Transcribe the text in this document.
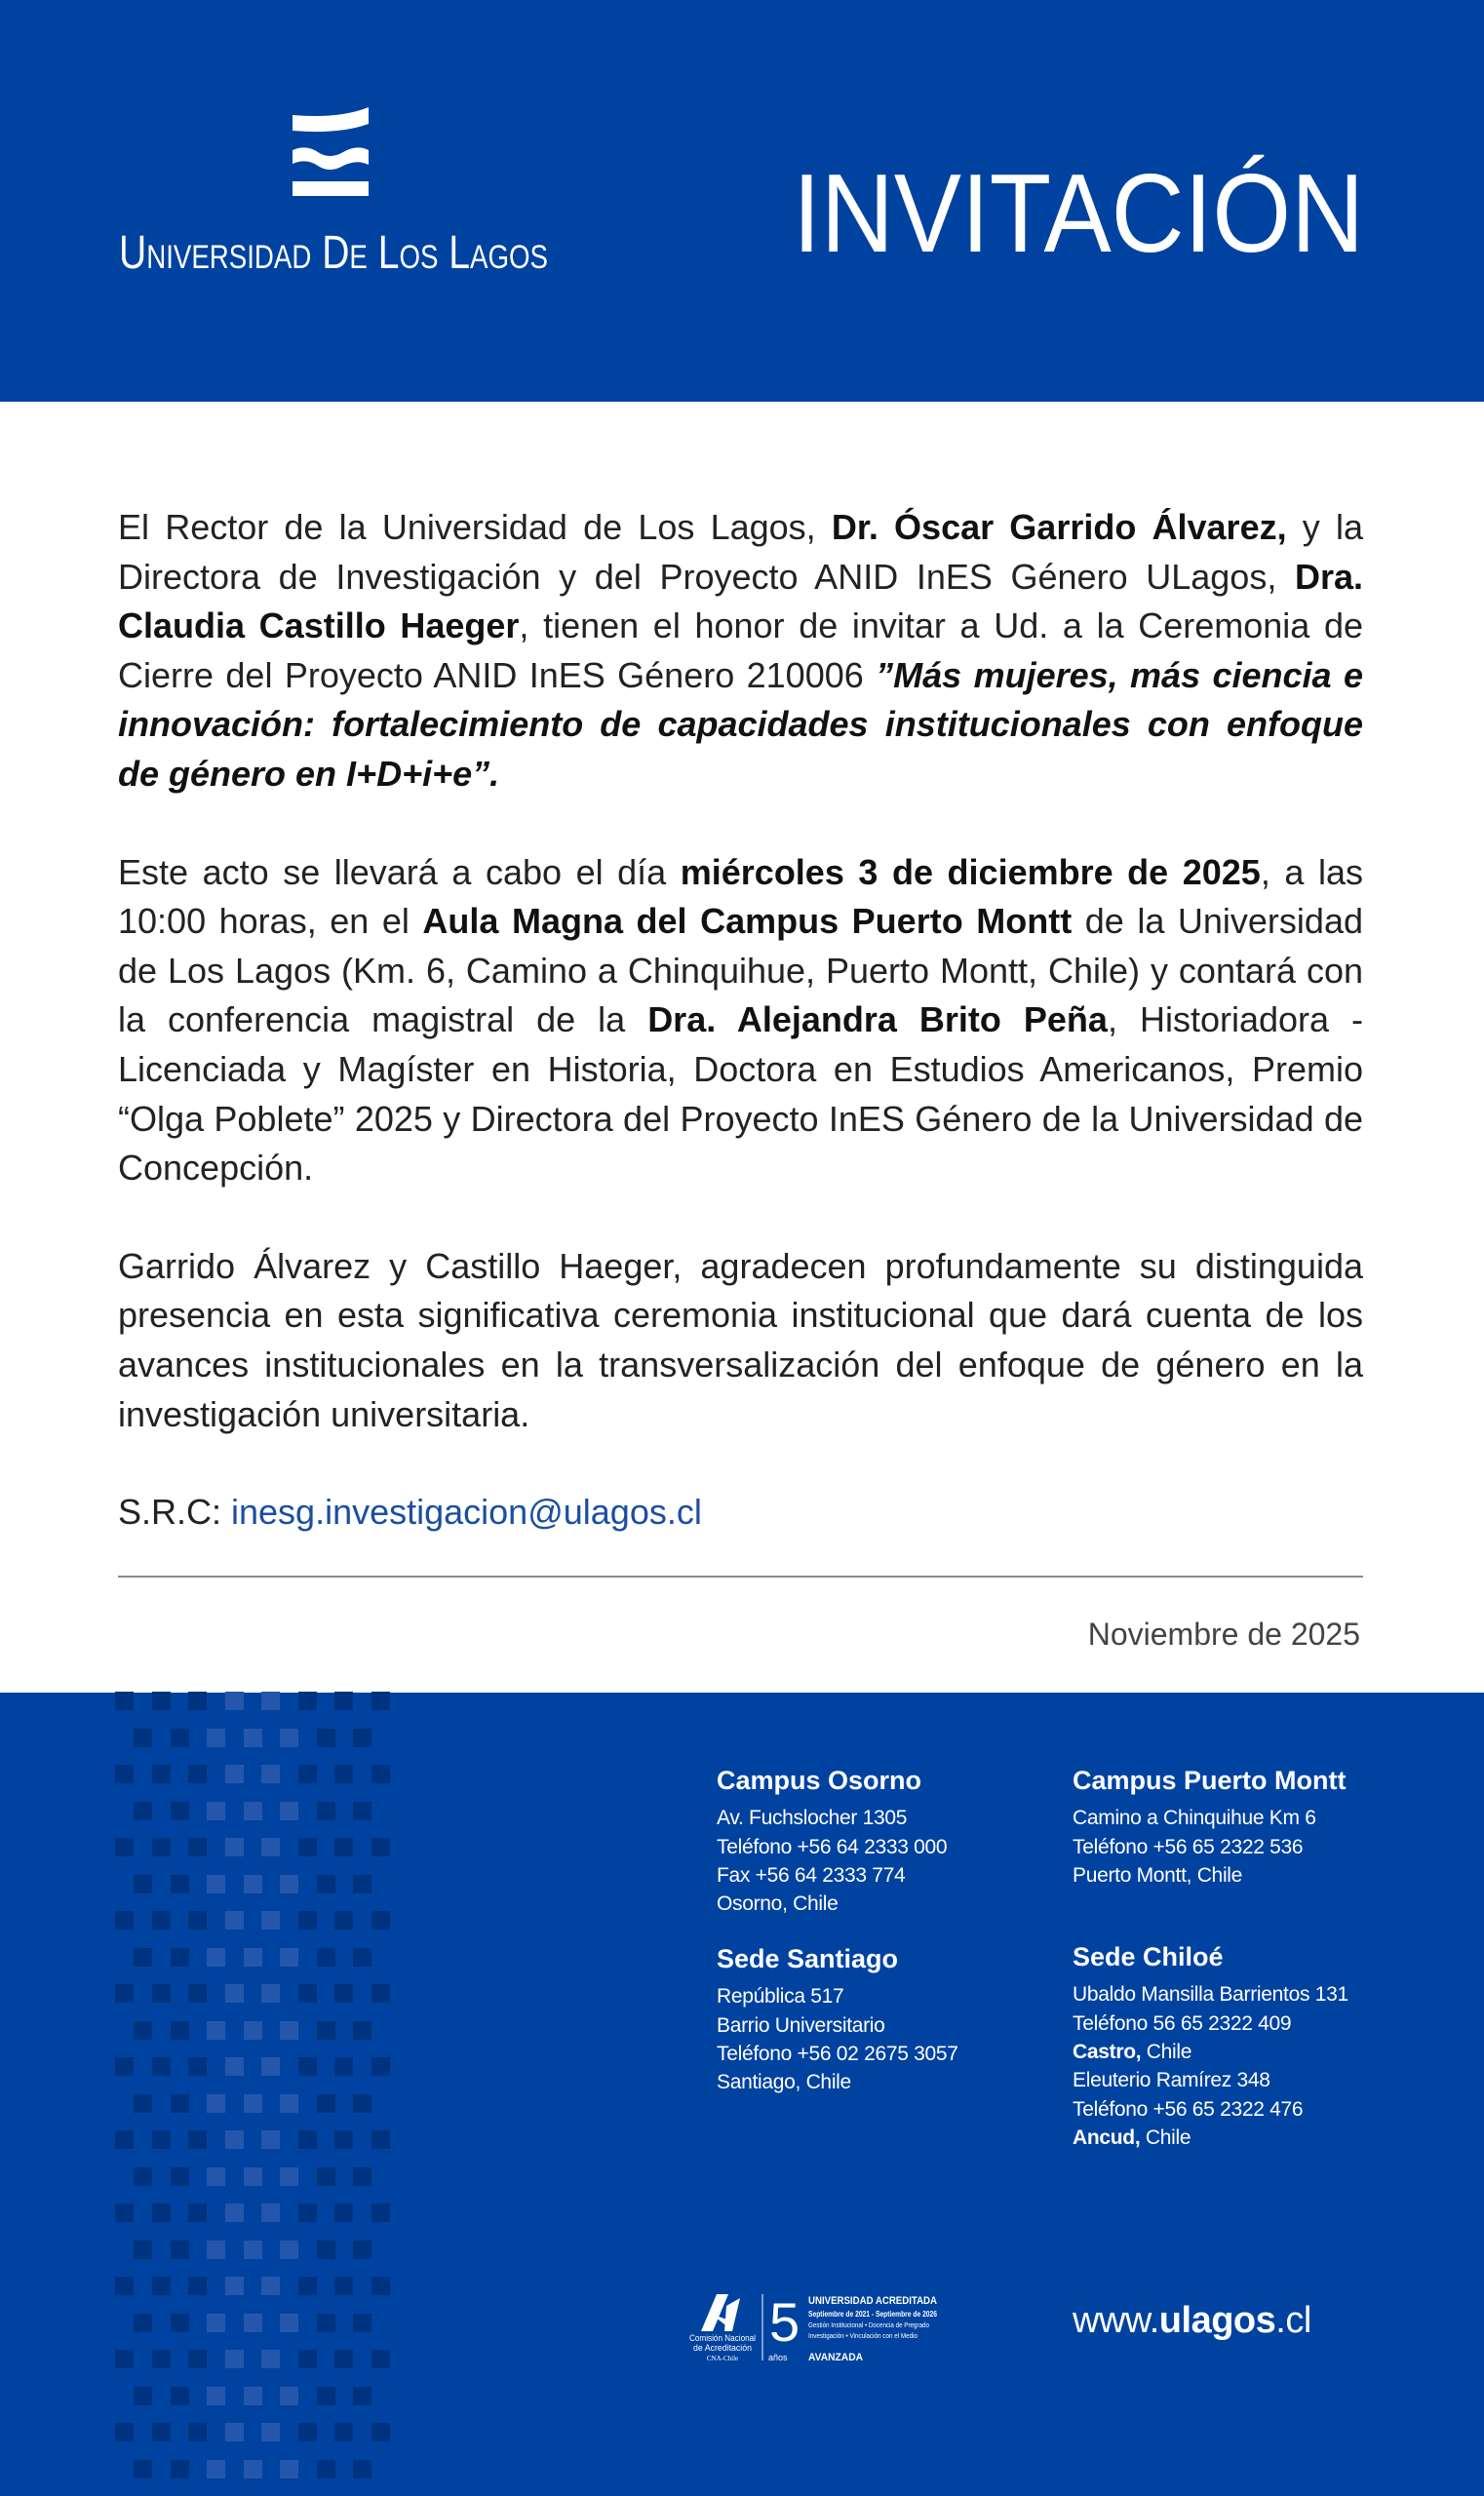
Universidad De Los Lagos INVITACIÓN
El Rector de la Universidad de Los Lagos, Dr. Óscar Garrido Álvarez, y la Directora de Investigación y del Proyecto ANID InES Género ULagos, Dra. Claudia Castillo Haeger, tienen el honor de invitar a Ud. a la Ceremonia de Cierre del Proyecto ANID InES Género 210006 ”Más mujeres, más ciencia e innovación: fortalecimiento de capacidades institucionales con enfoque de género en I+D+i+e”.
Este acto se llevará a cabo el día miércoles 3 de diciembre de 2025, a las 10:00 horas, en el Aula Magna del Campus Puerto Montt de la Universidad de Los Lagos (Km. 6, Camino a Chinquihue, Puerto Montt, Chile) y contará con la conferencia magistral de la Dra. Alejandra Brito Peña, Historiadora - Licenciada y Magíster en Historia, Doctora en Estudios Americanos, Premio “Olga Poblete” 2025 y Directora del Proyecto InES Género de la Universidad de Concepción.
Garrido Álvarez y Castillo Haeger, agradecen profundamente su distinguida presencia en esta significativa ceremonia institucional que dará cuenta de los avances institucionales en la transversalización del enfoque de género en la investigación universitaria.
S.R.C: inesg.investigacion@ulagos.cl
Noviembre de 2025
Campus Osorno
Av. Fuchslocher 1305
Teléfono +56 64 2333 000
Fax +56 64 2333 774
Osorno, Chile
Campus Puerto Montt
Camino a Chinquihue Km 6
Teléfono +56 65 2322 536
Puerto Montt, Chile
Sede Santiago
República 517
Barrio Universitario
Teléfono +56 02 2675 3057
Santiago, Chile
Sede Chiloé
Ubaldo Mansilla Barrientos 131
Teléfono 56 65 2322 409
Castro, Chile
Eleuterio Ramírez 348
Teléfono +56 65 2322 476
Ancud, Chile
Comisión Nacional
de Acreditación
CNA-Chile
5
años
UNIVERSIDAD ACREDITADA
Septiembre de 2021 - Septiembre de 2026
Gestión Institucional • Docencia de Pregrado
Investigación • Vinculación con el Medio
AVANZADA
www.ulagos.cl
